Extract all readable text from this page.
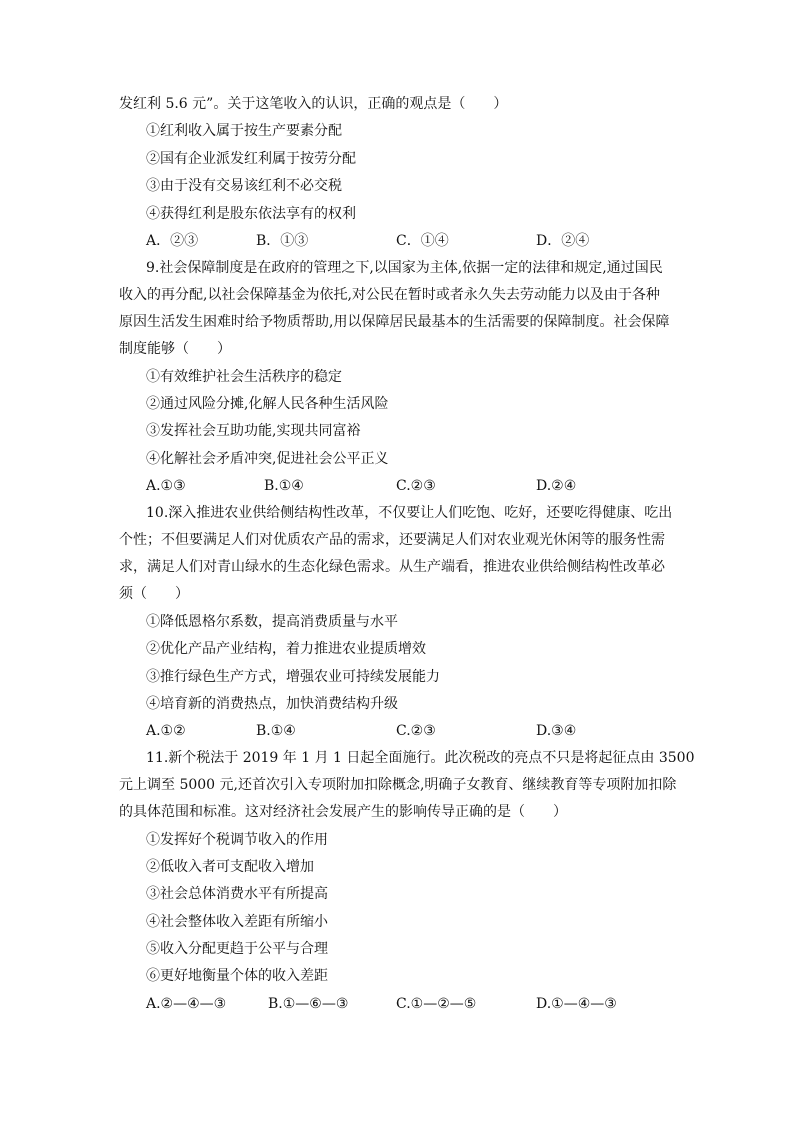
发红利 5.6 元”。关于这笔收入的认识，正确的观点是（　　）
①红利收入属于按生产要素分配
②国有企业派发红利属于按劳分配
③由于没有交易该红利不必交税
④获得红利是股东依法享有的权利
A．②③	B．①③	C．①④	D．②④
9.社会保障制度是在政府的管理之下,以国家为主体,依据一定的法律和规定,通过国民
收入的再分配,以社会保障基金为依托,对公民在暂时或者永久失去劳动能力以及由于各种
原因生活发生困难时给予物质帮助,用以保障居民最基本的生活需要的保障制度。社会保障
制度能够（　　）
①有效维护社会生活秩序的稳定
②通过风险分摊,化解人民各种生活风险
③发挥社会互助功能,实现共同富裕
④化解社会矛盾冲突,促进社会公平正义
A.①③	B.①④	C.②③	D.②④
10.深入推进农业供给侧结构性改革，不仅要让人们吃饱、吃好，还要吃得健康、吃出
个性；不但要满足人们对优质农产品的需求，还要满足人们对农业观光休闲等的服务性需
求，满足人们对青山绿水的生态化绿色需求。从生产端看，推进农业供给侧结构性改革必
须（　　）
①降低恩格尔系数，提高消费质量与水平
②优化产品产业结构，着力推进农业提质增效
③推行绿色生产方式，增强农业可持续发展能力
④培育新的消费热点，加快消费结构升级
A.①②	B.①④	C.②③	D.③④
11.新个税法于 2019 年 1 月 1 日起全面施行。此次税改的亮点不只是将起征点由 3500
元上调至 5000 元,还首次引入专项附加扣除概念,明确子女教育、继续教育等专项附加扣除
的具体范围和标准。这对经济社会发展产生的影响传导正确的是（　　）
①发挥好个税调节收入的作用
②低收入者可支配收入增加
③社会总体消费水平有所提高
④社会整体收入差距有所缩小
⑤收入分配更趋于公平与合理
⑥更好地衡量个体的收入差距
A.②—④—③	B.①—⑥—③	C.①—②—⑤	D.①—④—③
